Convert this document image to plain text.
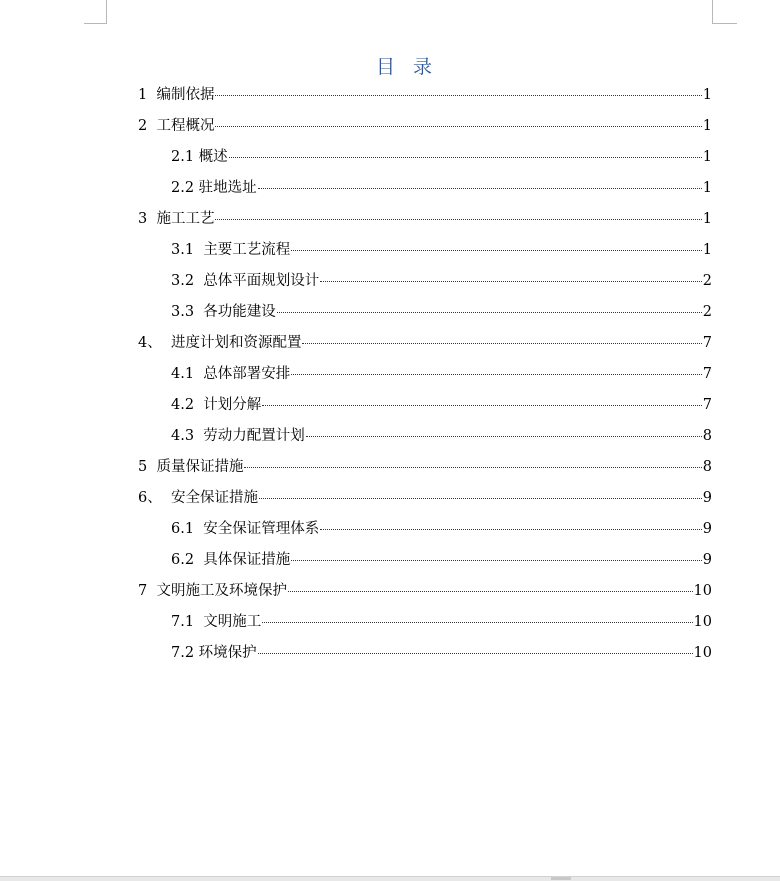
目 录
1  编制依据	1
2  工程概况	1
2.1 概述	1
2.2 驻地选址	1
3  施工工艺	1
3.1  主要工艺流程	1
3.2  总体平面规划设计	2
3.3  各功能建设	2
4、  进度计划和资源配置	7
4.1  总体部署安排	7
4.2  计划分解	7
4.3  劳动力配置计划	8
5  质量保证措施	8
6、  安全保证措施	9
6.1  安全保证管理体系	9
6.2  具体保证措施	9
7  文明施工及环境保护	10
7.1  文明施工	10
7.2 环境保护	10
